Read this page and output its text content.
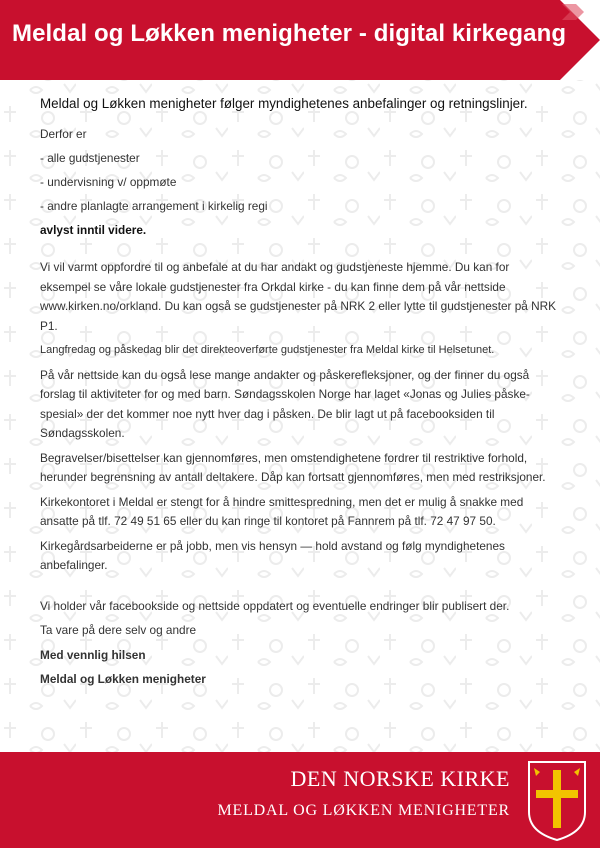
Meldal og Løkken menigheter - digital kirkegang

Meldal og Løkken menigheter følger myndighetenes anbefalinger og retningslinjer.

Derfor er

- alle gudstjenester

- undervisning v/ oppmøte

- andre planlagte arrangement i kirkelig regi

avlyst inntil videre.

Vi vil varmt oppfordre til og anbefale at du har andakt og gudstjeneste hjemme. Du kan for eksempel se våre lokale gudstjenester fra Orkdal kirke - du kan finne dem på vår nettside www.kirken.no/orkland. Du kan også se gudstjenester på NRK 2 eller lytte til gudstjenester på NRK P1.

Langfredag og påskedag blir det direkteoverførte gudstjenester fra Meldal kirke til Helsetunet.

På vår nettside kan du også lese mange andakter og påskerefleksjoner, og der finner du også forslag til aktiviteter for og med barn. Søndagsskolen Norge har laget «Jonas og Julies påske-spesial» der det kommer noe nytt hver dag i påsken. De blir lagt ut på facebooksiden til Søndagsskolen.

Begravelser/bisettelser kan gjennomføres, men omstendighetene fordrer til restriktive forhold, herunder begrensning av antall deltakere. Dåp kan fortsatt gjennomføres, men med restriksjoner.

Kirkekontoret i Meldal er stengt for å hindre smittespredning, men det er mulig å snakke med ansatte på tlf. 72 49 51 65 eller du kan ringe til kontoret på Fannrem på tlf. 72 47 97 50.

Kirkegårdsarbeiderne er på jobb, men vis hensyn — hold avstand og følg myndighetenes anbefalinger.

Vi holder vår facebookside og nettside oppdatert og eventuelle endringer blir publisert der.

Ta vare på dere selv og andre

Med vennlig hilsen

Meldal og Løkken menigheter

DEN NORSKE KIRKE

MELDAL OG LØKKEN MENIGHETER
